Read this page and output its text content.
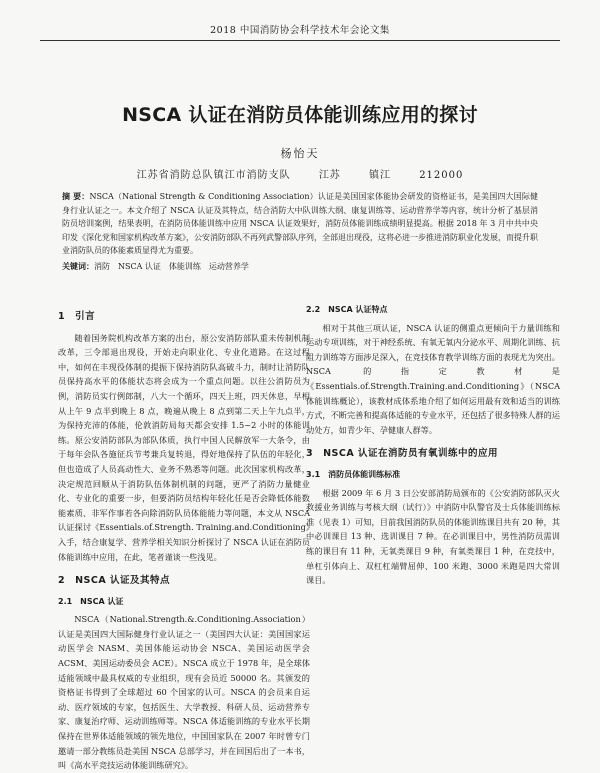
2018 中国消防协会科学技术年会论文集
NSCA 认证在消防员体能训练应用的探讨
杨怡天
江苏省消防总队镇江市消防支队	江苏	镇江	212000
摘 要：NSCA（National Strength & Conditioning Association）认证是美国国家体能协会研发的资格证书，是美国四大国际健身行业认证之一。本文介绍了 NSCA 认证及其特点，结合消防大中队训练大纲、康复训练等、运动营养学等内容，统计分析了基层消防员培训案例，结果表明，在消防员体能训练中应用 NSCA 认证效果好，消防员体能训练成绩明显提高。根据 2018 年 3 月中共中央印发《深化党和国家机构改革方案》，公安消防部队不再列武警部队序列，全部退出现役，这将必进一步推进消防职业化发展，而提升职业消防队员的体能素质显得尤为重要。
关键词：消防　NSCA 认证　体能训练　运动营养学
1　引言

随着国务院机构改革方案的出台，原公安消防部队重未传制机制改革，三令部退出现役，开始走向职业化、专业化道路。在这过程中，如何在丰现役体制的提振下保持消防队高破斗力，制时让消防队员保持高水平的体能状态将会成为一个重点问题。以往公消防员为例，消防员实行例郎制，八大一个循环，四天上班，四天休息，早相从上午 9 点半到晚上 8 点，晚遍从晚上 8 点到第二天上午九点半，为保持充沛的体能，伦敦消防局每天都会安排 1.5~2 小时的体能训练。原公安消防部队为部队体质，执行中国人民解放军一大条令，由于每年会队各施征兵节考兼兵复转退，得好地保持了队伍的年轻化，但也造成了人员高动性大、业务不熟悉等问题。此次国家机构改革，决定规范回顺从于消防队伍体制机制的问题，更严了消防力量健业化、专业化的重要一步，但要消防员结构年轻化任是否会降低体能数能素质、非军作事若各向除消防队员体能能力等问题，本文从 NSCA 认证探讨《Essentials.of.Strength. Training.and.Conditioning》入手，结合康复学、营养学相关知识分析探讨了 NSCA 认证在消防员体能训练中应用，在此，笔者谨谈一些浅见。

2　NSCA 认证及其特点
2.1　NSCA 认证

NSCA（National.Strength.&.Conditioning.Association）认证是美国四大国际健身行业认证之一（美国四大认证：美国国家运动医学会 NASM、美国体能运动协会 NSCA、美国运动医学会 ACSM、美国运动委员会 ACE）。NSCA 成立于 1978 年，是全球体适能领域中最具权威的专业组织，现有会员近 50000 名。其颁发的资格证书得到了全球超过 60 个国家的认可。NSCA 的会员来自运动、医疗领域的专家，包括医生、大学教授、科研人员、运动营养专家、康复治疗师、运动训练师等。NSCA 体适能训练的专业水平长期保持在世界体适能领域的领先地位，中国国家队在 2007 年时曾专门邀请一部分教练员赴美国 NSCA 总部学习，并在回国后出了一本书，叫《高水平竞技运动体能训练研究》。

2.2　NSCA 认证特点

相对于其他三项认证，NSCA 认证的侧重点更倾向于力量训练和运动专项训练，对于神经系统、有氧无氧内分泌水平、周期化训练、抗阻力训练等方面涉足深入，在竞技体育教学训练方面的表现尤为突出。NSCA 的指定教材是《Essentials.of.Strength.Training.and.Conditioning》（NSCA 体能训练概论），该教材成体系地介绍了如何运用最有效和适当的训练方式，不断完善和提高体适能的专业水平，还包括了很多特殊人群的运动处方，如青少年、孕健康人群等。

3　NSCA 认证在消防员有氧训练中的应用
3.1　消防员体能训练标准

根据 2009 年 6 月 3 日公安部消防局颁布的《公安消防部队灭火救援业务训练与考核大纲（试行）》中消防中队警官及士兵体能训练标准（见表 1）可知，目前我国消防队员的体能训练课目共有 20 种，其中必训课目 13 种、选训课目 7 种。在必训课目中，男性消防员需训练的课目有 11 种，无氧类课目 9 种，有氧类课目 1 种，在竞技中，单杠引体向上、双杠杠端臂屈伸、100 米跑、3000 米跑是四大常训课目。
